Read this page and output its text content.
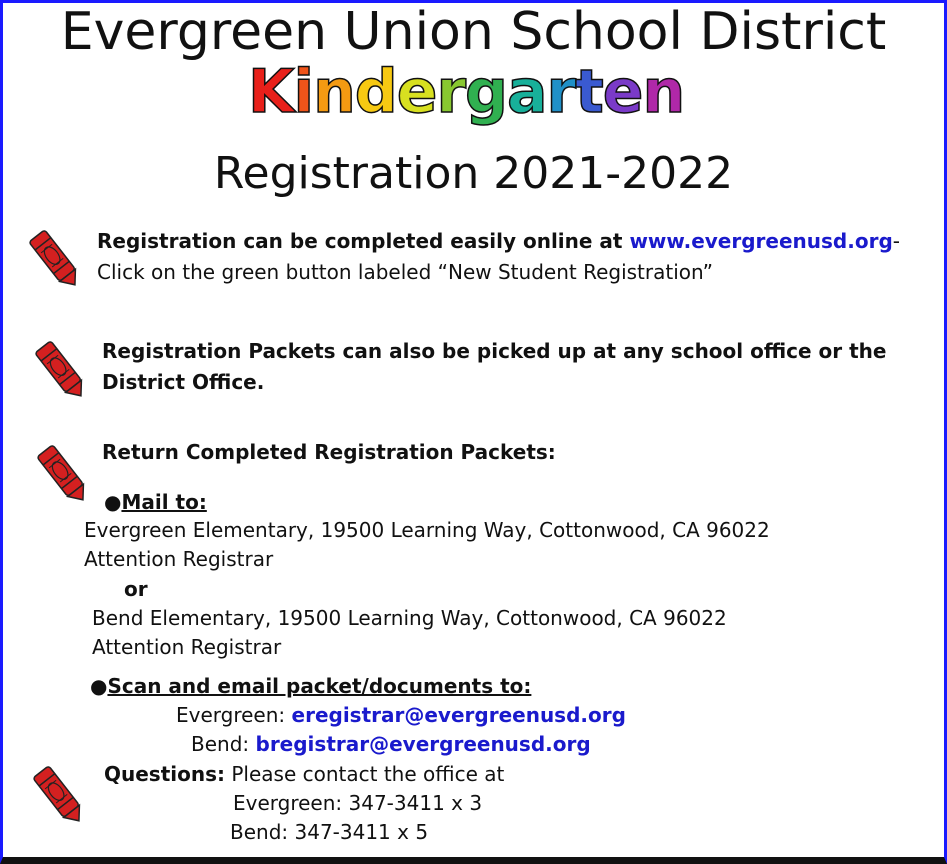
Evergreen Union School District
Kindergarten
Registration 2021-2022
Registration can be completed easily online at www.evergreenusd.org-
Click on the green button labeled “New Student Registration”
Registration Packets can also be picked up at any school office or the
District Office.
Return Completed Registration Packets:
●Mail to:
Evergreen Elementary, 19500 Learning Way, Cottonwood, CA 96022
Attention Registrar
or
Bend Elementary, 19500 Learning Way, Cottonwood, CA 96022
Attention Registrar
●Scan and email packet/documents to:
Evergreen: eregistrar@evergreenusd.org
Bend: bregistrar@evergreenusd.org
Questions: Please contact the office at
Evergreen: 347-3411 x 3
Bend: 347-3411 x 5
